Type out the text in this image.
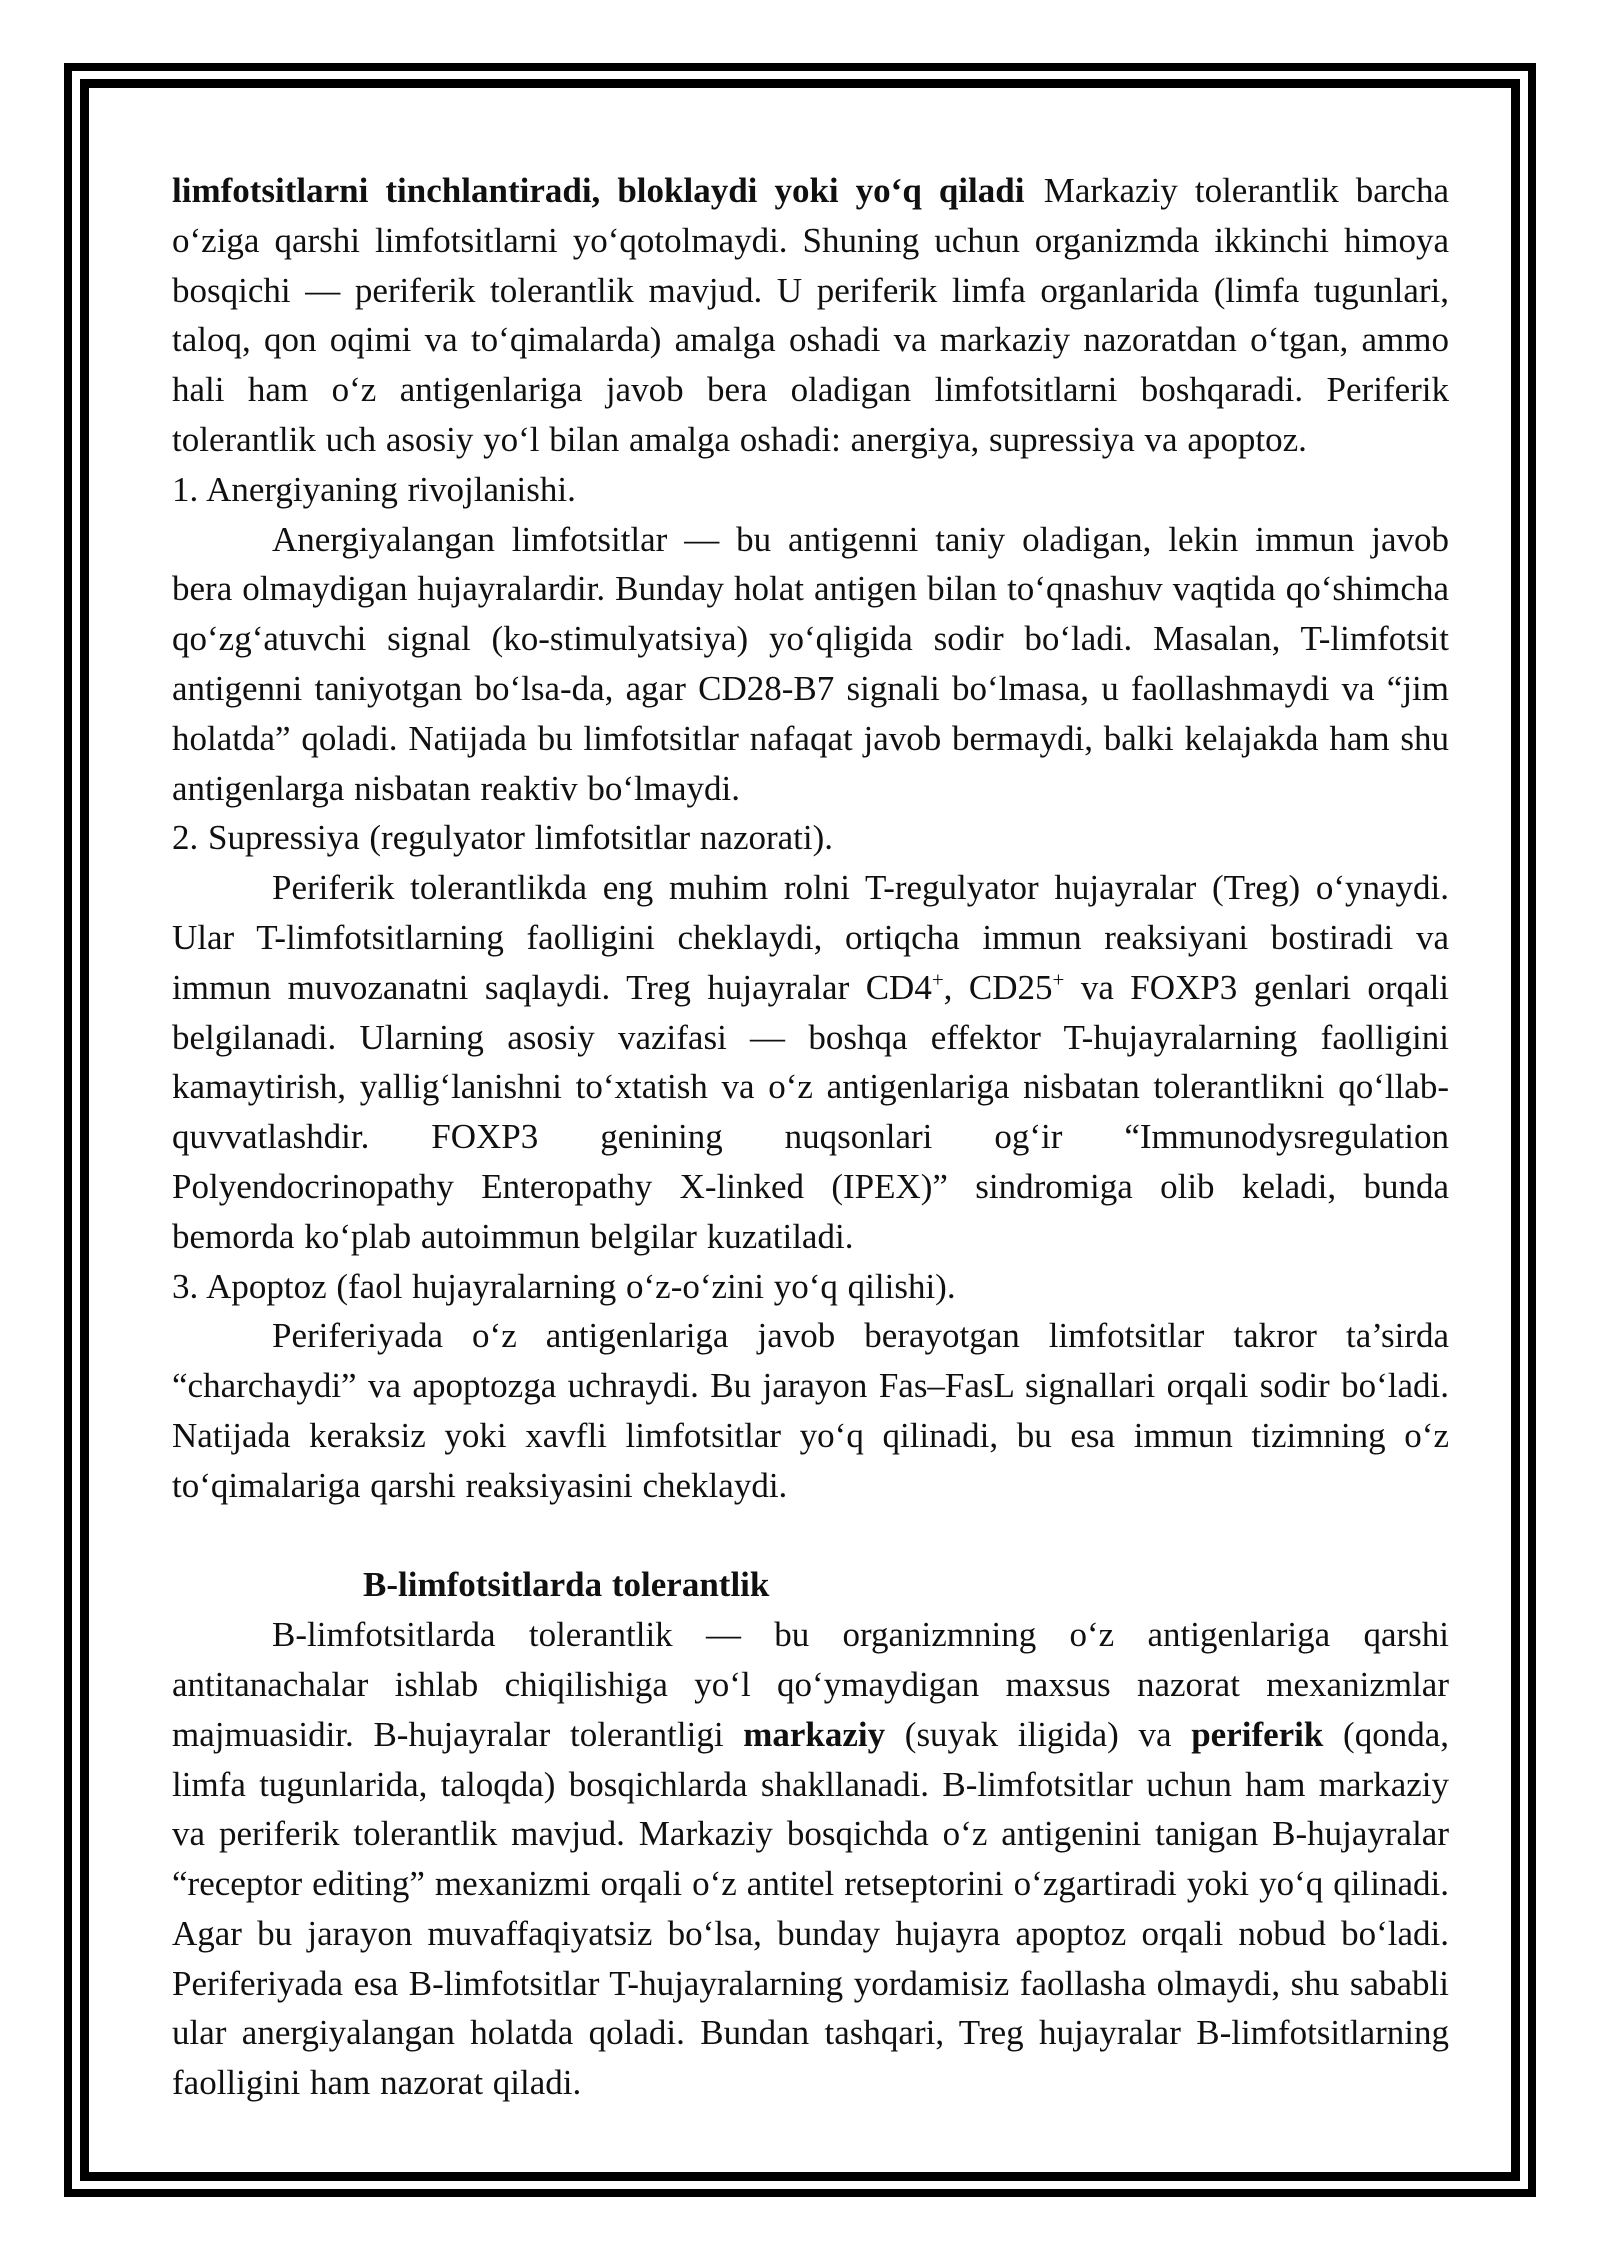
limfotsitlarni tinchlantiradi, bloklaydi yoki yo‘q qiladi Markaziy tolerantlik barcha o‘ziga qarshi limfotsitlarni yo‘qotolmaydi. Shuning uchun organizmda ikkinchi himoya bosqichi — periferik tolerantlik mavjud. U periferik limfa organlarida (limfa tugunlari, taloq, qon oqimi va to‘qimalarda) amalga oshadi va markaziy nazoratdan o‘tgan, ammo hali ham o‘z antigenlariga javob bera oladigan limfotsitlarni boshqaradi. Periferik tolerantlik uch asosiy yo‘l bilan amalga oshadi: anergiya, supressiya va apoptoz.

1. Anergiyaning rivojlanishi.

Anergiyalangan limfotsitlar — bu antigenni taniy oladigan, lekin immun javob bera olmaydigan hujayralardir. Bunday holat antigen bilan to‘qnashuv vaqtida qo‘shimcha qo‘zg‘atuvchi signal (ko-stimulyatsiya) yo‘qligida sodir bo‘ladi. Masalan, T-limfotsit antigenni taniyotgan bo‘lsa-da, agar CD28-B7 signali bo‘lmasa, u faollashmaydi va “jim holatda” qoladi. Natijada bu limfotsitlar nafaqat javob bermaydi, balki kelajakda ham shu antigenlarga nisbatan reaktiv bo‘lmaydi.

2. Supressiya (regulyator limfotsitlar nazorati).

Periferik tolerantlikda eng muhim rolni T-regulyator hujayralar (Treg) o‘ynaydi. Ular T-limfotsitlarning faolligini cheklaydi, ortiqcha immun reaksiyani bostiradi va immun muvozanatni saqlaydi. Treg hujayralar CD4+, CD25+ va FOXP3 genlari orqali belgilanadi. Ularning asosiy vazifasi — boshqa effektor T-hujayralarning faolligini kamaytirish, yallig‘lanishni to‘xtatish va o‘z antigenlariga nisbatan tolerantlikni qo‘llab-quvvatlashdir. FOXP3 genining nuqsonlari og‘ir “Immunodysregulation Polyendocrinopathy Enteropathy X-linked (IPEX)” sindromiga olib keladi, bunda bemorda ko‘plab autoimmun belgilar kuzatiladi.

3. Apoptoz (faol hujayralarning o‘z-o‘zini yo‘q qilishi).

Periferiyada o‘z antigenlariga javob berayotgan limfotsitlar takror ta’sirda “charchaydi” va apoptozga uchraydi. Bu jarayon Fas–FasL signallari orqali sodir bo‘ladi. Natijada keraksiz yoki xavfli limfotsitlar yo‘q qilinadi, bu esa immun tizimning o‘z to‘qimalariga qarshi reaksiyasini cheklaydi.

B-limfotsitlarda tolerantlik

B-limfotsitlarda tolerantlik — bu organizmning o‘z antigenlariga qarshi antitanachalar ishlab chiqilishiga yo‘l qo‘ymaydigan maxsus nazorat mexanizmlar majmuasidir. B-hujayralar tolerantligi markaziy (suyak iligida) va periferik (qonda, limfa tugunlarida, taloqda) bosqichlarda shakllanadi. B-limfotsitlar uchun ham markaziy va periferik tolerantlik mavjud. Markaziy bosqichda o‘z antigenini tanigan B-hujayralar “receptor editing” mexanizmi orqali o‘z antitel retseptorini o‘zgartiradi yoki yo‘q qilinadi. Agar bu jarayon muvaffaqiyatsiz bo‘lsa, bunday hujayra apoptoz orqali nobud bo‘ladi. Periferiyada esa B-limfotsitlar T-hujayralarning yordamisiz faollasha olmaydi, shu sababli ular anergiyalangan holatda qoladi. Bundan tashqari, Treg hujayralar B-limfotsitlarning faolligini ham nazorat qiladi.
